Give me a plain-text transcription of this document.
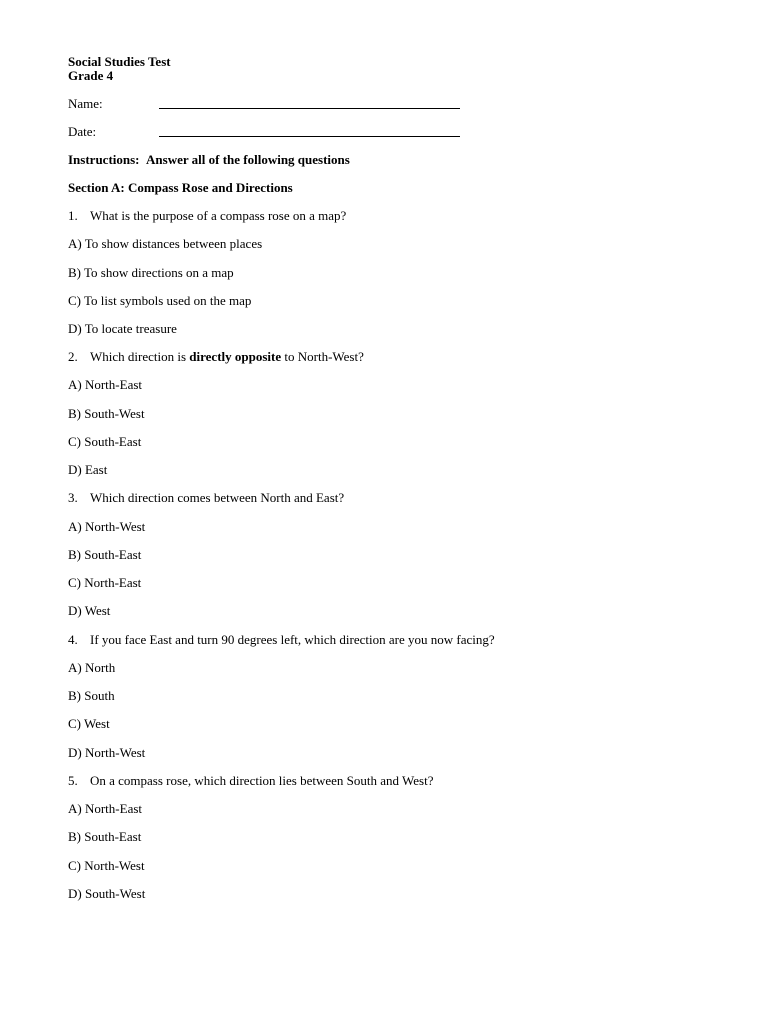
Social Studies Test
Grade 4
Name:
Date:
Instructions: Answer all of the following questions
Section A: Compass Rose and Directions
1. What is the purpose of a compass rose on a map?
A) To show distances between places
B) To show directions on a map
C) To list symbols used on the map
D) To locate treasure
2. Which direction is directly opposite to North-West?
A) North-East
B) South-West
C) South-East
D) East
3. Which direction comes between North and East?
A) North-West
B) South-East
C) North-East
D) West
4. If you face East and turn 90 degrees left, which direction are you now facing?
A) North
B) South
C) West
D) North-West
5. On a compass rose, which direction lies between South and West?
A) North-East
B) South-East
C) North-West
D) South-West
